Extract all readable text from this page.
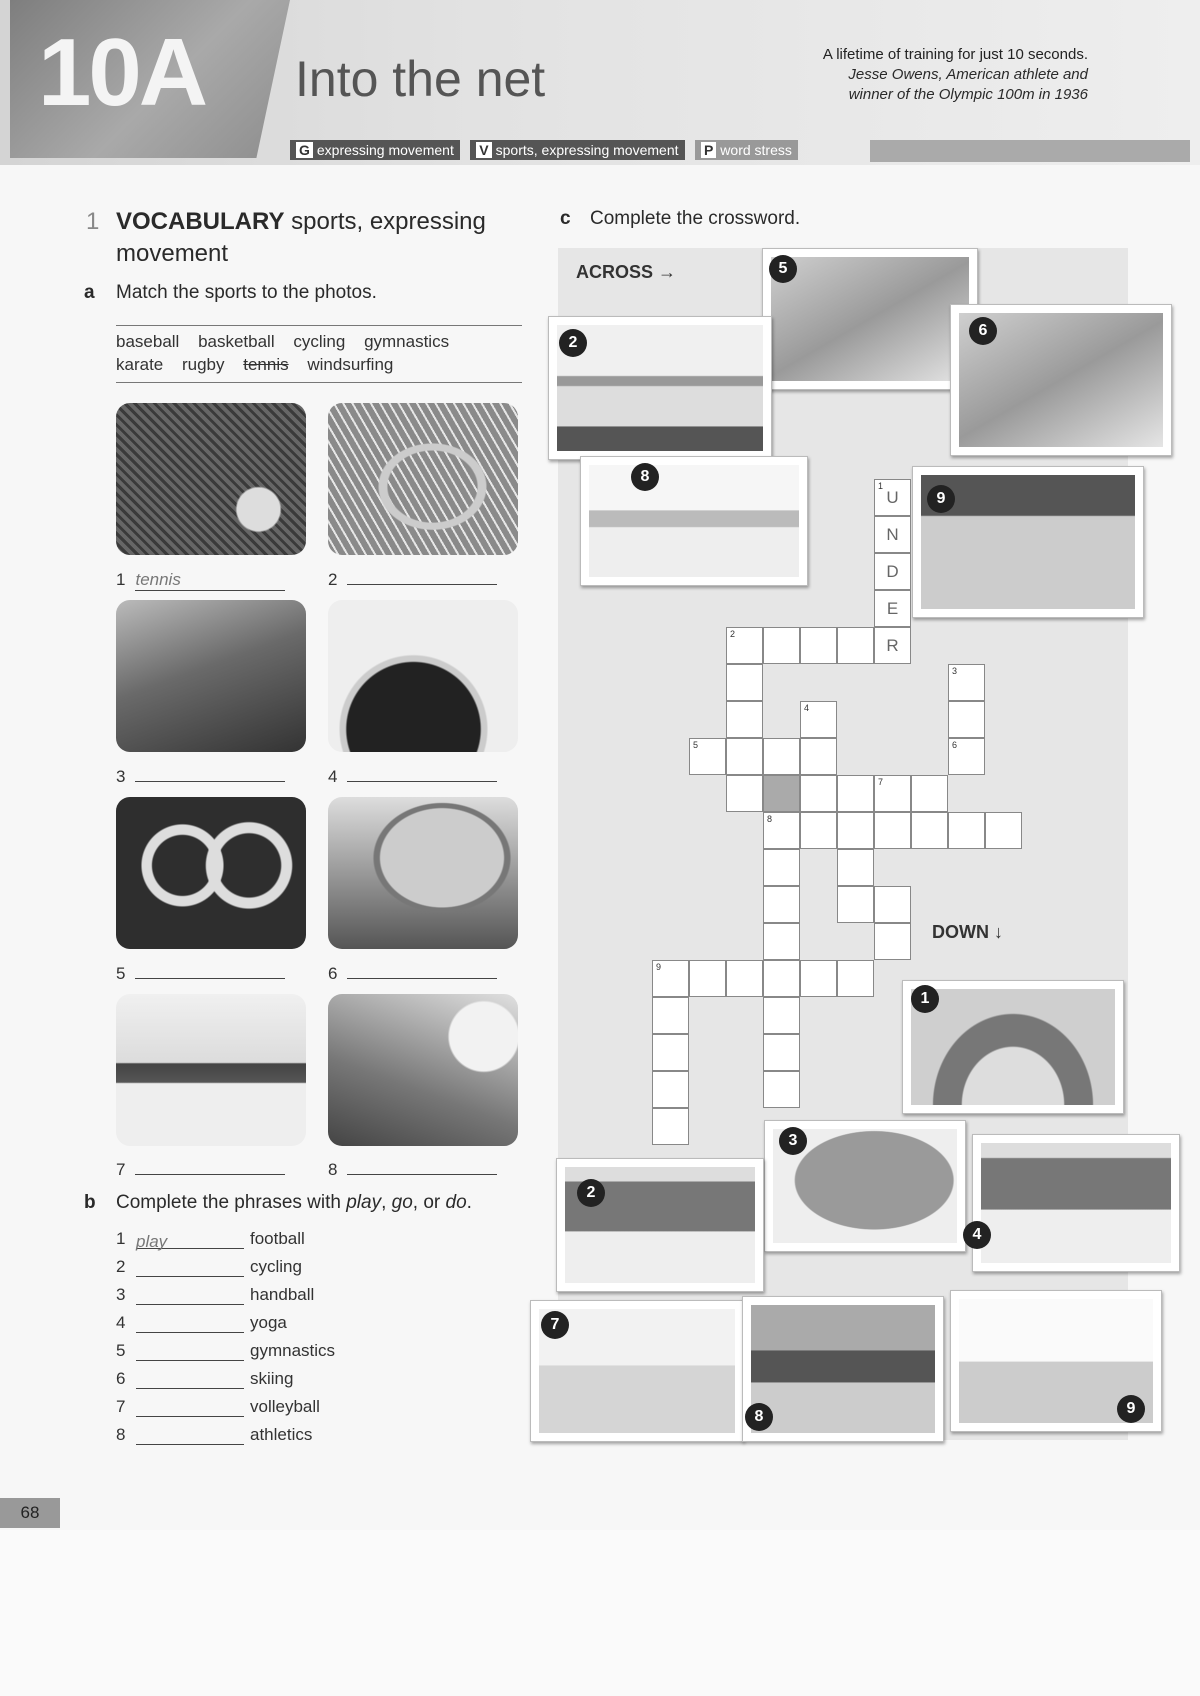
10A Into the net	A lifetime of training for just 10 seconds.
Jesse Owens, American athlete and
winner of the Olympic 100m in 1936
G expressing movement V sports, expressing movement P word stress
1 VOCABULARY sports, expressing movement
a Match the sports to the photos.
baseball basketball cycling gymnastics
karate rugby tennis windsurfing
1 tennis	2
3	4
5	6
7	8
b Complete the phrases with play, go, or do.
1 play	football
2	cycling
3	handball
4	yoga
5	gymnastics
6	skiing
7	volleyball
8	athletics
c Complete the crossword.
ACROSS →
DOWN ↓
5
2
6
8
9
1
U
N
D
E
R
2
3
4
5	6
7
8
9
1
3
2
4
7
8	9
68
